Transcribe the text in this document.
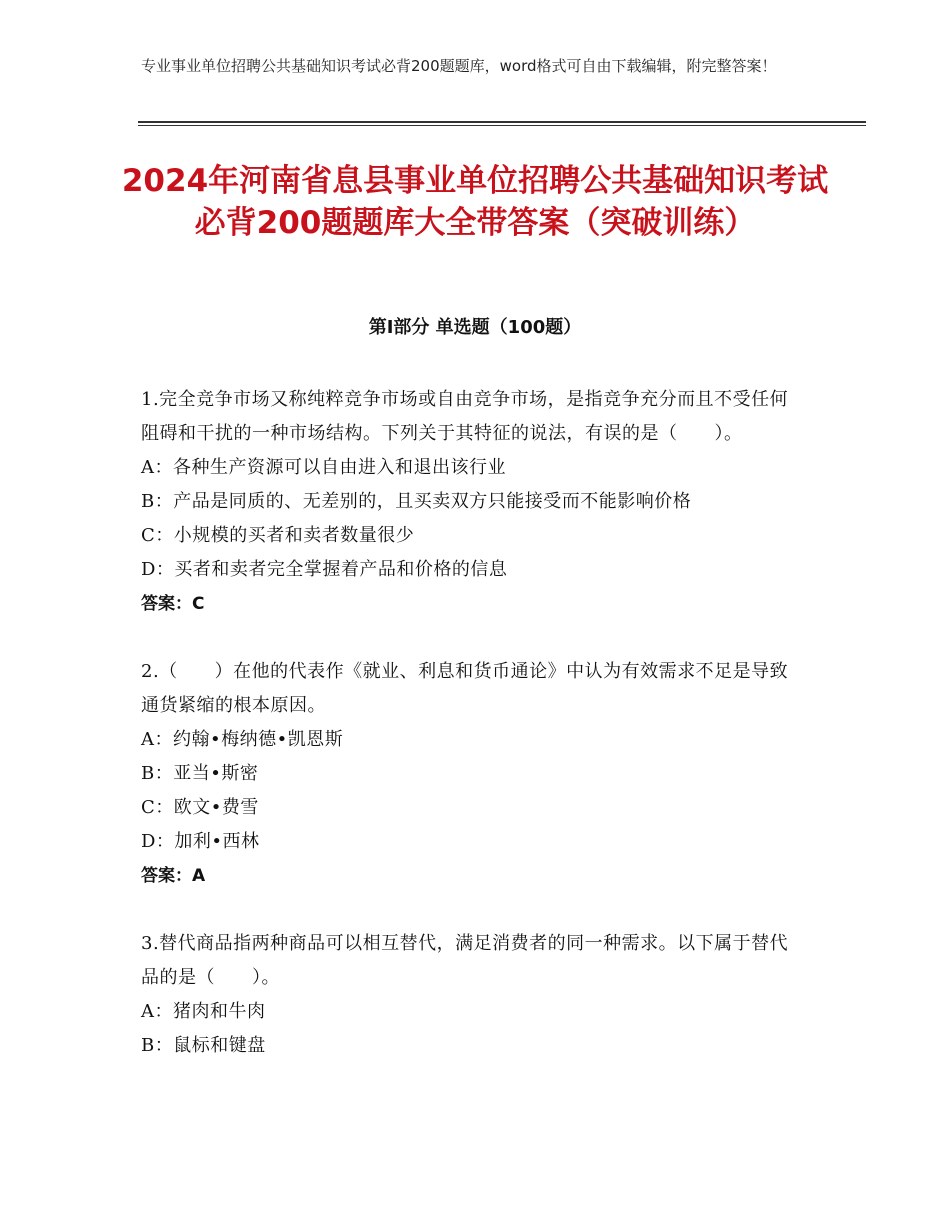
专业事业单位招聘公共基础知识考试必背200题题库，word格式可自由下载编辑，附完整答案！
2024年河南省息县事业单位招聘公共基础知识考试必背200题题库大全带答案（突破训练）
第Ⅰ部分 单选题（100题）
1.完全竞争市场又称纯粹竞争市场或自由竞争市场，是指竞争充分而且不受任何阻碍和干扰的一种市场结构。下列关于其特征的说法，有误的是（　　）。
A：各种生产资源可以自由进入和退出该行业
B：产品是同质的、无差别的，且买卖双方只能接受而不能影响价格
C：小规模的买者和卖者数量很少
D：买者和卖者完全掌握着产品和价格的信息
答案：C
2.（　　）在他的代表作《就业、利息和货币通论》中认为有效需求不足是导致通货紧缩的根本原因。
A：约翰•梅纳德•凯恩斯
B：亚当•斯密
C：欧文•费雪
D：加利•西林
答案：A
3.替代商品指两种商品可以相互替代，满足消费者的同一种需求。以下属于替代品的是（　　）。
A：猪肉和牛肉
B：鼠标和键盘
